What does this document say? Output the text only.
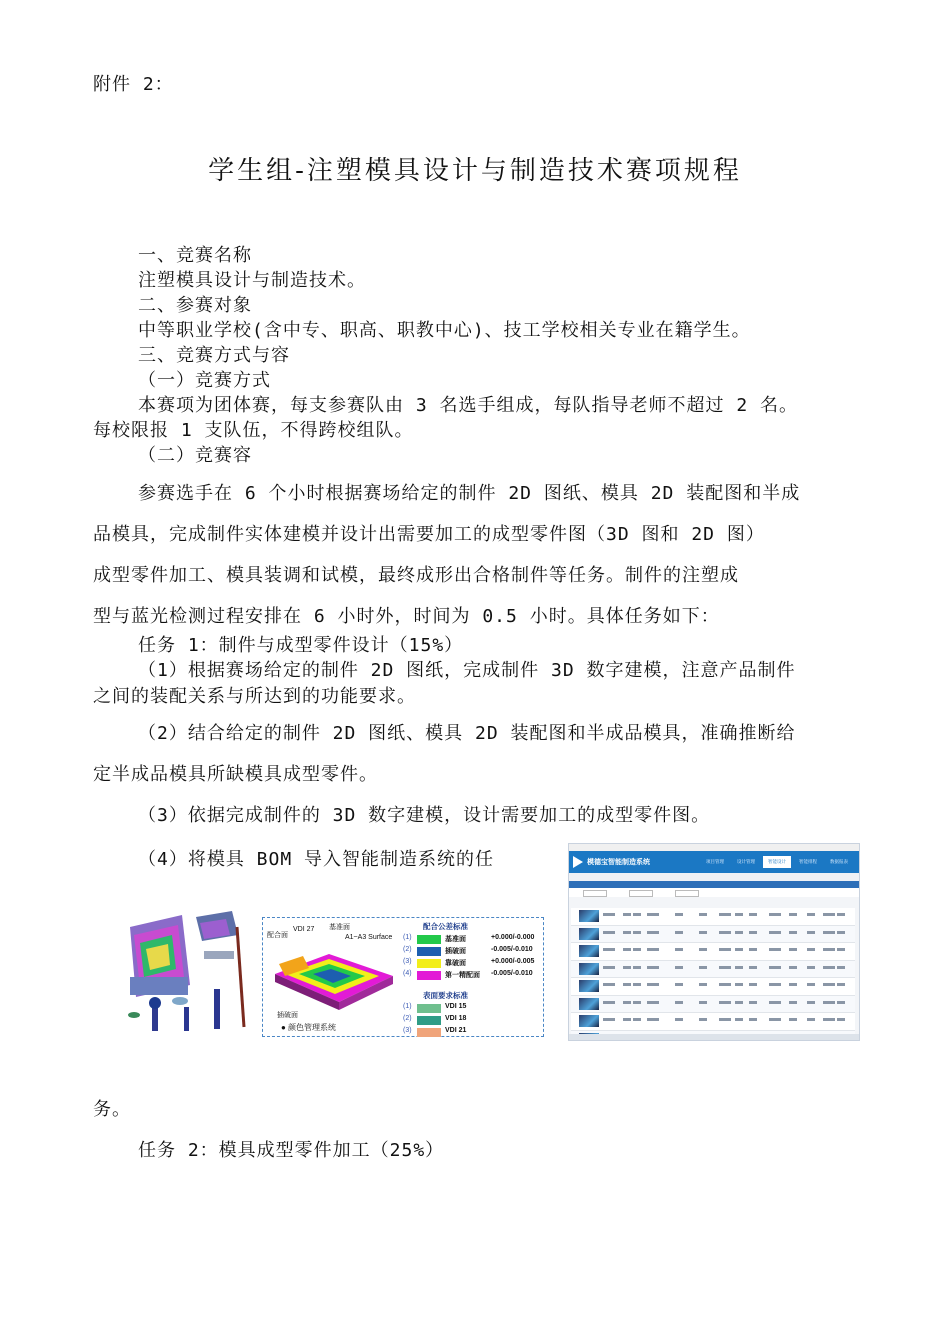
附件 2：
学生组-注塑模具设计与制造技术赛项规程
一、竞赛名称
注塑模具设计与制造技术。
二、参赛对象
中等职业学校(含中专、职高、职教中心)、技工学校相关专业在籍学生。
三、竞赛方式与容
（一）竞赛方式
本赛项为团体赛，每支参赛队由 3 名选手组成，每队指导老师不超过 2 名。
每校限报 1 支队伍，不得跨校组队。
（二）竞赛容
参赛选手在 6 个小时根据赛场给定的制件 2D 图纸、模具 2D 装配图和半成
品模具，完成制件实体建模并设计出需要加工的成型零件图（3D 图和 2D 图）
成型零件加工、模具装调和试模，最终成形出合格制件等任务。制件的注塑成
型与蓝光检测过程安排在 6 小时外，时间为 0.5 小时。具体任务如下：
任务 1：制件与成型零件设计（15%）
（1）根据赛场给定的制件 2D 图纸，完成制件 3D 数字建模，注意产品制件
之间的装配关系与所达到的功能要求。
（2）结合给定的制件 2D 图纸、模具 2D 装配图和半成品模具，准确推断给
定半成品模具所缺模具成型零件。
（3）依据完成制件的 3D 数字建模，设计需要加工的成型零件图。
（4）将模具 BOM 导入智能制造系统的任
VDI 27 基准面
配合面	A1~A3 Surface
插破面
● 颜色管理系统
配合公差标准
(1)	基准面	+0.000/-0.000
(2)	插破面	-0.005/-0.010
(3)	靠破面	+0.000/-0.005
(4)	第一精配面 -0.005/-0.010
表面要求标准
(1)	VDI 15
(2)	VDI 18
(3)	VDI 21
模德宝智能制造系统	项目管理	设计管理	智能设计	智能排程	数据报表
务。
任务 2：模具成型零件加工（25%）
